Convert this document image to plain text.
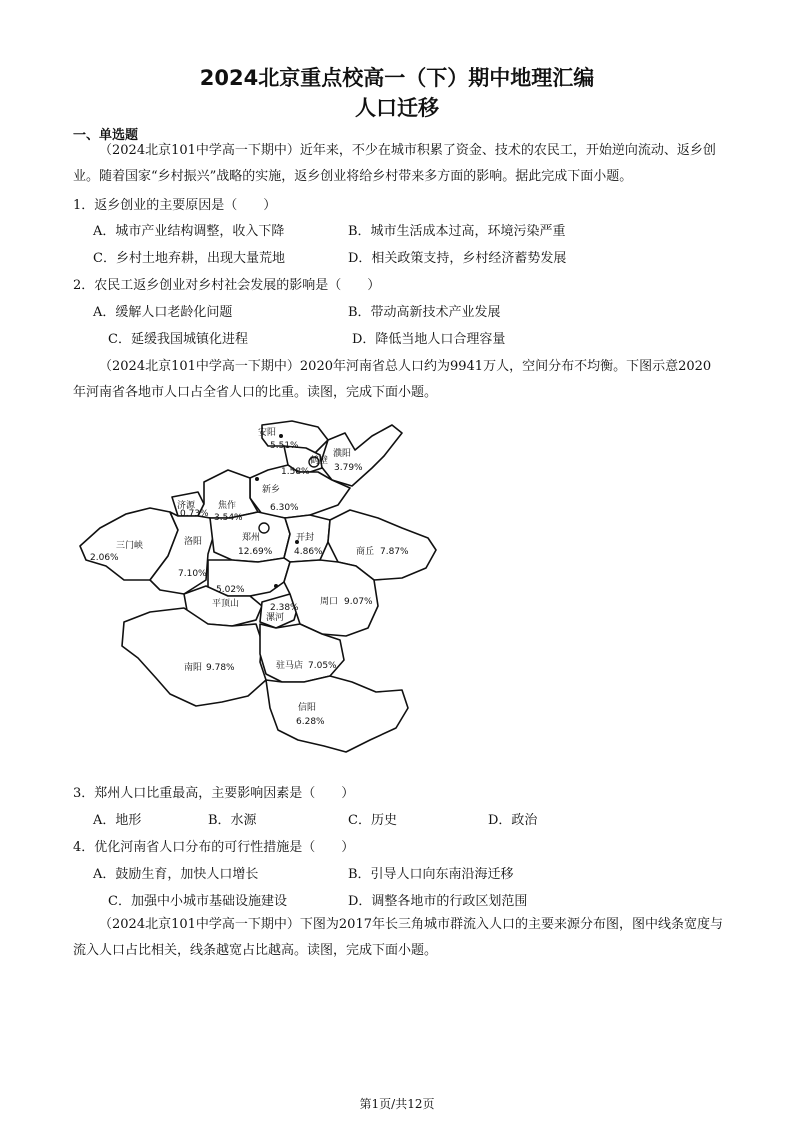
2024北京重点校高一（下）期中地理汇编
人口迁移
一、单选题

（2024北京101中学高一下期中）近年来，不少在城市积累了资金、技术的农民工，开始逆向流动、返乡创业。随着国家“乡村振兴”战略的实施，返乡创业将给乡村带来多方面的影响。据此完成下面小题。

1．返乡创业的主要原因是（　　）
A．城市产业结构调整，收入下降	B．城市生活成本过高，环境污染严重
C．乡村土地弃耕，出现大量荒地	D．相关政策支持，乡村经济蓄势发展
2．农民工返乡创业对乡村社会发展的影响是（　　）
A．缓解人口老龄化问题	B．带动高新技术产业发展
C．延缓我国城镇化进程	D．降低当地人口合理容量

（2024北京101中学高一下期中）2020年河南省总人口约为9941万人，空间分布不均衡。下图示意2020年河南省各地市人口占全省人口的比重。读图，完成下面小题。

安阳
5.51%
鹤壁
1.58%
濮阳
3.79%
新乡
6.30%
济源
0.73%
焦作
3.54%
三门峡
2.06%
洛阳
7.10%
郑州
12.69%
开封
4.86%	商丘 7.87%
5.02%
平顶山	2.38%
漯河
周口 9.07%
南阳 9.78%	驻马店 7.05%
信阳
6.28%
3．郑州人口比重最高，主要影响因素是（　　）
A．地形	B．水源	C．历史	D．政治
4．优化河南省人口分布的可行性措施是（　　）
A．鼓励生育，加快人口增长	B．引导人口向东南沿海迁移
C．加强中小城市基础设施建设	D．调整各地市的行政区划范围

（2024北京101中学高一下期中）下图为2017年长三角城市群流入人口的主要来源分布图，图中线条宽度与流入人口占比相关，线条越宽占比越高。读图，完成下面小题。

第1页/共12页
